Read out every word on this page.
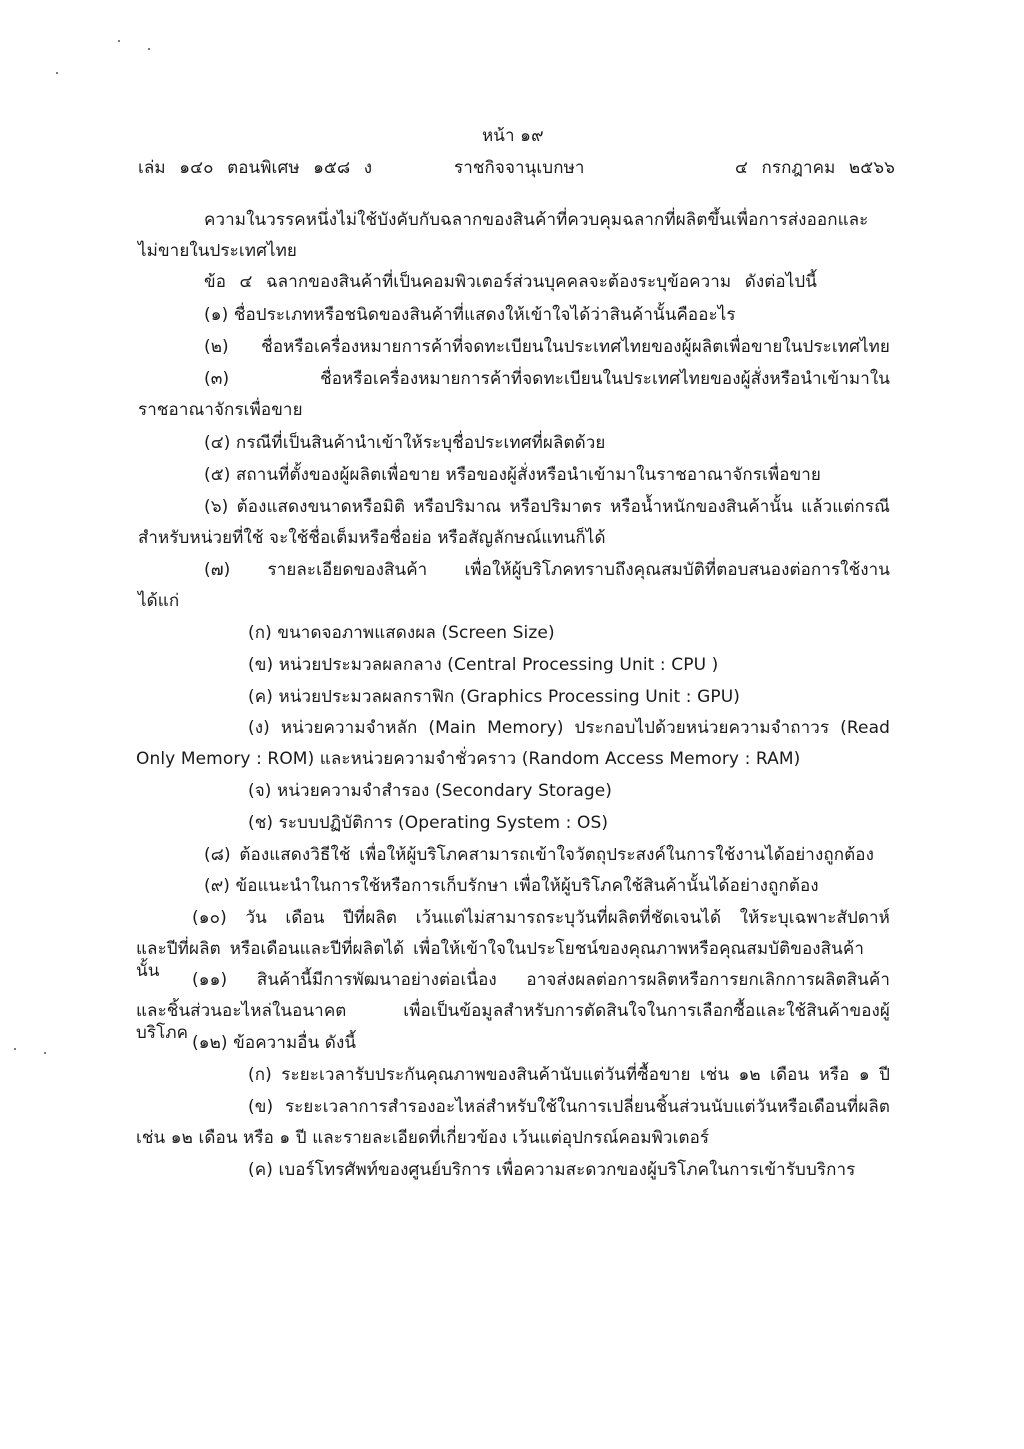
หน้า ๑๙
เล่ม ๑๔๐ ตอนพิเศษ ๑๕๘ ง	ราชกิจจานุเบกษา	๔ กรกฎาคม ๒๕๖๖
ความในวรรคหนึ่งไม่ใช้บังคับกับฉลากของสินค้าที่ควบคุมฉลากที่ผลิตขึ้นเพื่อการส่งออกและ
ไม่ขายในประเทศไทย
ข้อ ๔ ฉลากของสินค้าที่เป็นคอมพิวเตอร์ส่วนบุคคลจะต้องระบุข้อความ ดังต่อไปนี้
(๑) ชื่อประเภทหรือชนิดของสินค้าที่แสดงให้เข้าใจได้ว่าสินค้านั้นคืออะไร
(๒) ชื่อหรือเครื่องหมายการค้าที่จดทะเบียนในประเทศไทยของผู้ผลิตเพื่อขายในประเทศไทย
(๓) ชื่อหรือเครื่องหมายการค้าที่จดทะเบียนในประเทศไทยของผู้สั่งหรือนำเข้ามาใน
ราชอาณาจักรเพื่อขาย
(๔) กรณีที่เป็นสินค้านำเข้าให้ระบุชื่อประเทศที่ผลิตด้วย
(๕) สถานที่ตั้งของผู้ผลิตเพื่อขาย หรือของผู้สั่งหรือนำเข้ามาในราชอาณาจักรเพื่อขาย
(๖) ต้องแสดงขนาดหรือมิติ หรือปริมาณ หรือปริมาตร หรือน้ำหนักของสินค้านั้น แล้วแต่กรณี
สำหรับหน่วยที่ใช้ จะใช้ชื่อเต็มหรือชื่อย่อ หรือสัญลักษณ์แทนก็ได้
(๗) รายละเอียดของสินค้า เพื่อให้ผู้บริโภคทราบถึงคุณสมบัติที่ตอบสนองต่อการใช้งาน
ได้แก่
(ก) ขนาดจอภาพแสดงผล (Screen Size)
(ข) หน่วยประมวลผลกลาง (Central Processing Unit : CPU )
(ค) หน่วยประมวลผลกราฟิก (Graphics Processing Unit : GPU)
(ง) หน่วยความจำหลัก (Main Memory) ประกอบไปด้วยหน่วยความจำถาวร (Read
Only Memory : ROM) และหน่วยความจำชั่วคราว (Random Access Memory : RAM)
(จ) หน่วยความจำสำรอง (Secondary Storage)
(ช) ระบบปฏิบัติการ (Operating System : OS)
(๘) ต้องแสดงวิธีใช้ เพื่อให้ผู้บริโภคสามารถเข้าใจวัตถุประสงค์ในการใช้งานได้อย่างถูกต้อง
(๙) ข้อแนะนำในการใช้หรือการเก็บรักษา เพื่อให้ผู้บริโภคใช้สินค้านั้นได้อย่างถูกต้อง
(๑๐) วัน เดือน ปีที่ผลิต เว้นแต่ไม่สามารถระบุวันที่ผลิตที่ชัดเจนได้ ให้ระบุเฉพาะสัปดาห์
และปีที่ผลิต หรือเดือนและปีที่ผลิตได้ เพื่อให้เข้าใจในประโยชน์ของคุณภาพหรือคุณสมบัติของสินค้านั้น	(๑๑) สินค้านี้มีการพัฒนาอย่างต่อเนื่อง อาจส่งผลต่อการผลิตหรือการยกเลิกการผลิตสินค้า
และชิ้นส่วนอะไหล่ในอนาคต เพื่อเป็นข้อมูลสำหรับการตัดสินใจในการเลือกซื้อและใช้สินค้าของผู้บริโภค (๑๒) ข้อความอื่น ดังนี้
(ก) ระยะเวลารับประกันคุณภาพของสินค้านับแต่วันที่ซื้อขาย เช่น ๑๒ เดือน หรือ ๑ ปี
(ข) ระยะเวลาการสำรองอะไหล่สำหรับใช้ในการเปลี่ยนชิ้นส่วนนับแต่วันหรือเดือนที่ผลิต
เช่น ๑๒ เดือน หรือ ๑ ปี และรายละเอียดที่เกี่ยวข้อง เว้นแต่อุปกรณ์คอมพิวเตอร์
(ค) เบอร์โทรศัพท์ของศูนย์บริการ เพื่อความสะดวกของผู้บริโภคในการเข้ารับบริการ
